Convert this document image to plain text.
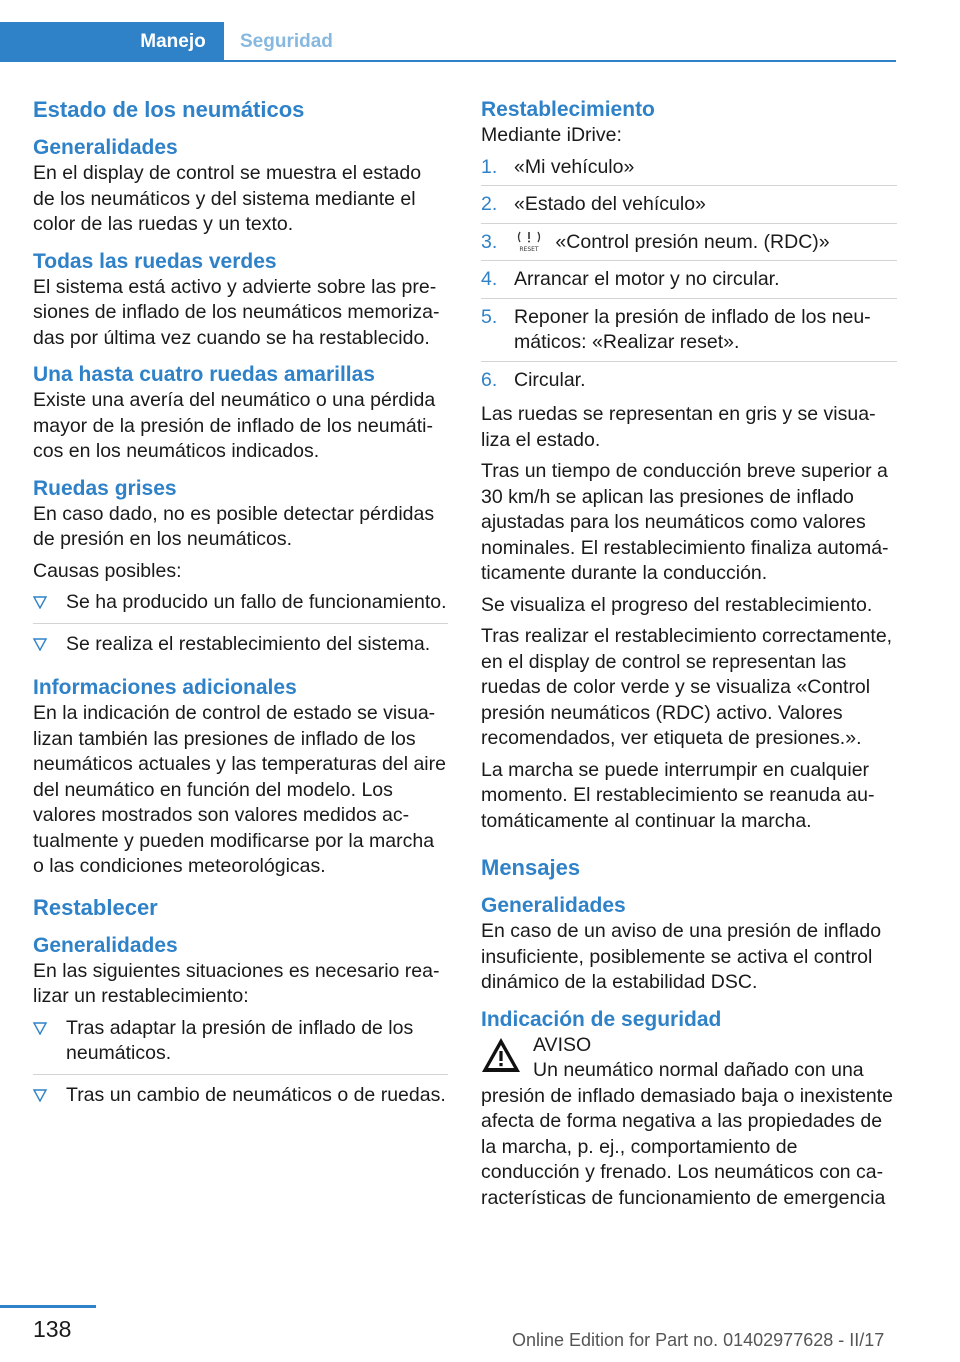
Manejo	Seguridad
Estado de los neumáticos
Generalidades

En el display de control se muestra el estado de los neumáticos y del sistema mediante el color de las ruedas y un texto.

Todas las ruedas verdes

El sistema está activo y advierte sobre las presiones de inflado de los neumáticos memorizadas por última vez cuando se ha restablecido.

Una hasta cuatro ruedas amarillas

Existe una avería del neumático o una pérdida mayor de la presión de inflado de los neumáticos en los neumáticos indicados.

Ruedas grises

En caso dado, no es posible detectar pérdidas de presión en los neumáticos.

Causas posibles:

Se ha producido un fallo de funcionamiento.
Se realiza el restablecimiento del sistema.
Informaciones adicionales

En la indicación de control de estado se visualizan también las presiones de inflado de los neumáticos actuales y las temperaturas del aire del neumático en función del modelo. Los valores mostrados son valores medidos actualmente y pueden modificarse por la marcha o las condiciones meteorológicas.

Restablecer
Generalidades

En las siguientes situaciones es necesario realizar un restablecimiento:

Tras adaptar la presión de inflado de los neumáticos.
Tras un cambio de neumáticos o de ruedas.
Restablecimiento

Mediante iDrive:

1. «Mi vehículo»
2. «Estado del vehículo»
3.	RESET «Control presión neum. (RDC)»
4. Arrancar el motor y no circular.
5. Reponer la presión de inflado de los neumáticos: «Realizar reset».
6. Circular.

Las ruedas se representan en gris y se visualiza el estado.

Tras un tiempo de conducción breve superior a 30 km/h se aplican las presiones de inflado ajustadas para los neumáticos como valores nominales. El restablecimiento finaliza automáticamente durante la conducción.

Se visualiza el progreso del restablecimiento.

Tras realizar el restablecimiento correctamente, en el display de control se representan las ruedas de color verde y se visualiza «Control presión neumáticos (RDC) activo. Valores recomendados, ver etiqueta de presiones.».

La marcha se puede interrumpir en cualquier momento. El restablecimiento se reanuda automáticamente al continuar la marcha.

Mensajes
Generalidades

En caso de un aviso de una presión de inflado insuficiente, posiblemente se activa el control dinámico de la estabilidad DSC.

Indicación de seguridad
AVISO
Un neumático normal dañado con una

presión de inflado demasiado baja o inexistente afecta de forma negativa a las propiedades de la marcha, p. ej., comportamiento de conducción y frenado. Los neumáticos con características de funcionamiento de emergencia

138	Online Edition for Part no. 01402977628 - II/17
